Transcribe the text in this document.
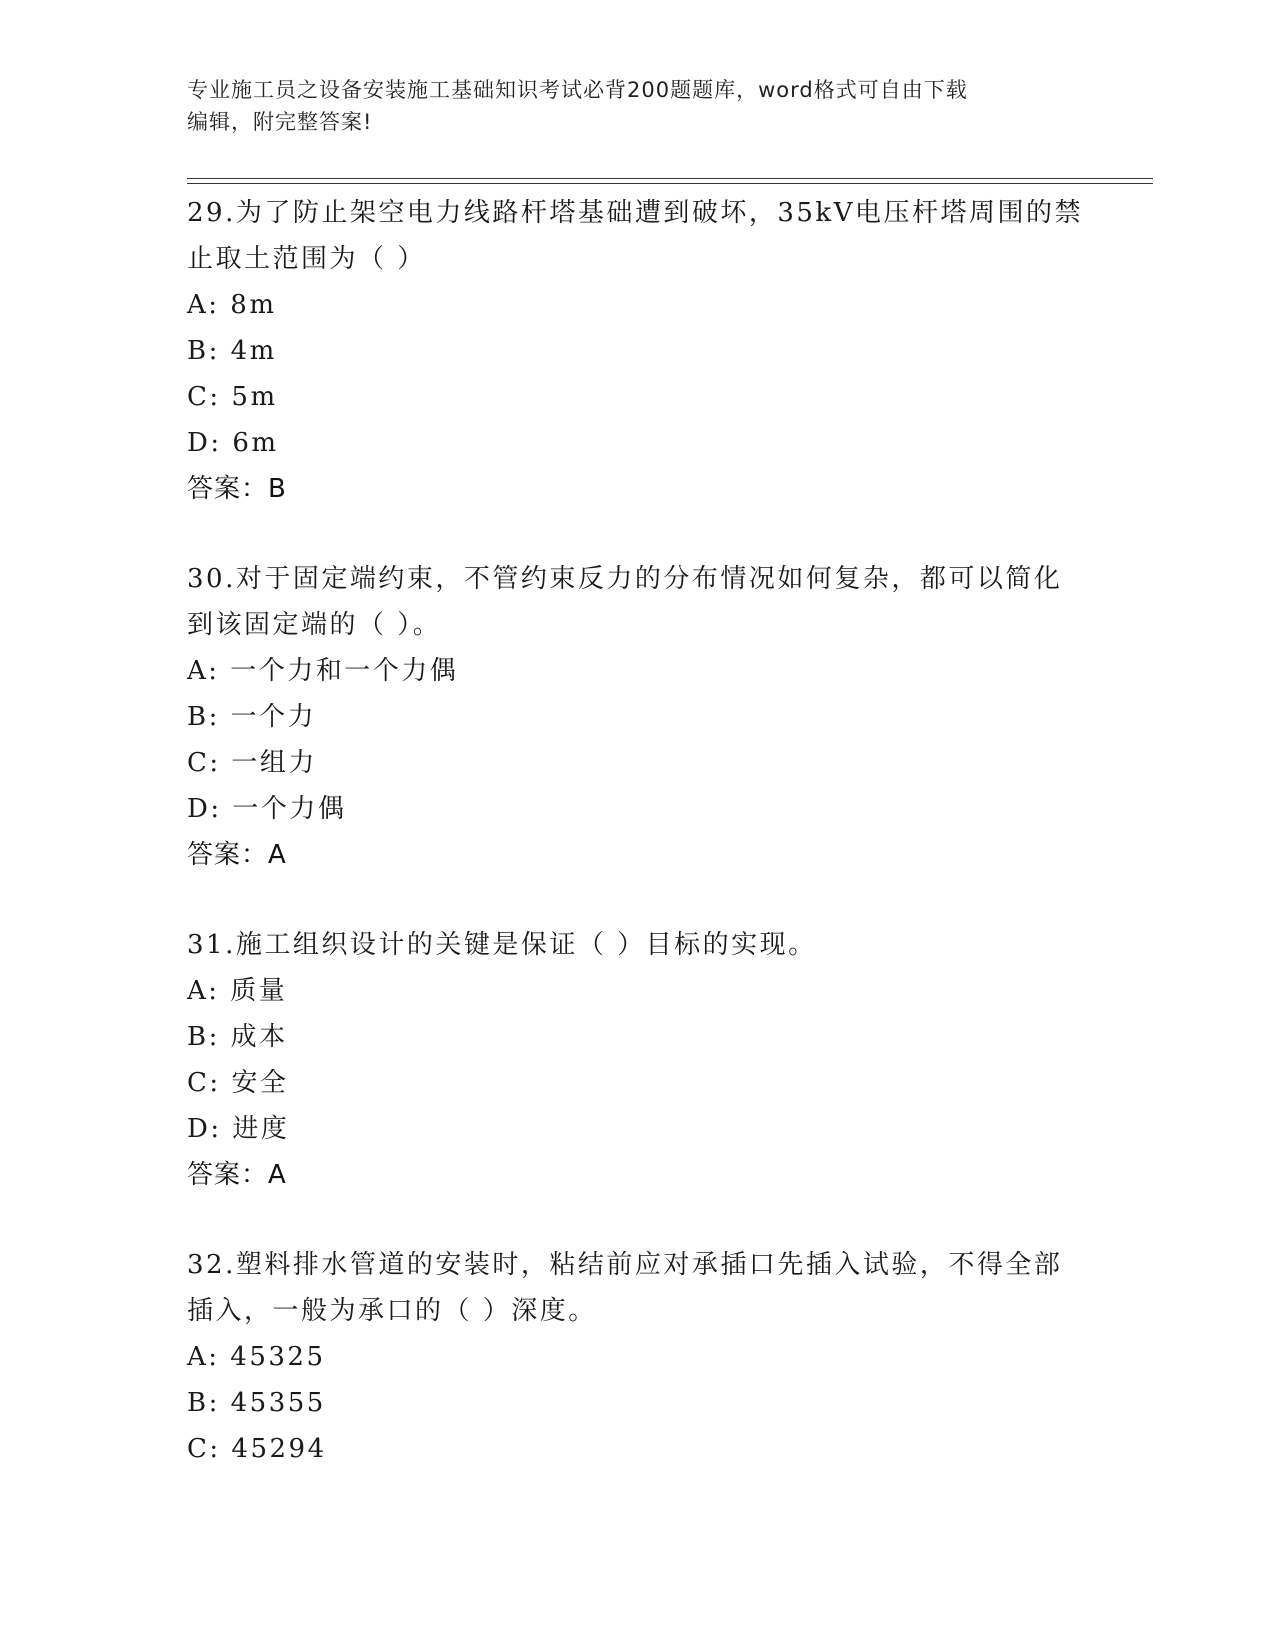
专业施工员之设备安装施工基础知识考试必背200题题库，word格式可自由下载
编辑，附完整答案!
29.为了防止架空电力线路杆塔基础遭到破坏，35kV电压杆塔周围的禁
止取土范围为（ ）
A: 8m
B: 4m
C: 5m
D: 6m
答案：B
30.对于固定端约束，不管约束反力的分布情况如何复杂，都可以简化
到该固定端的（ ）。
A: 一个力和一个力偶
B: 一个力
C: 一组力
D: 一个力偶
答案：A
31.施工组织设计的关键是保证（ ）目标的实现。
A: 质量
B: 成本
C: 安全
D: 进度
答案：A
32.塑料排水管道的安装时，粘结前应对承插口先插入试验，不得全部
插入，一般为承口的（ ）深度。
A: 45325
B: 45355
C: 45294
